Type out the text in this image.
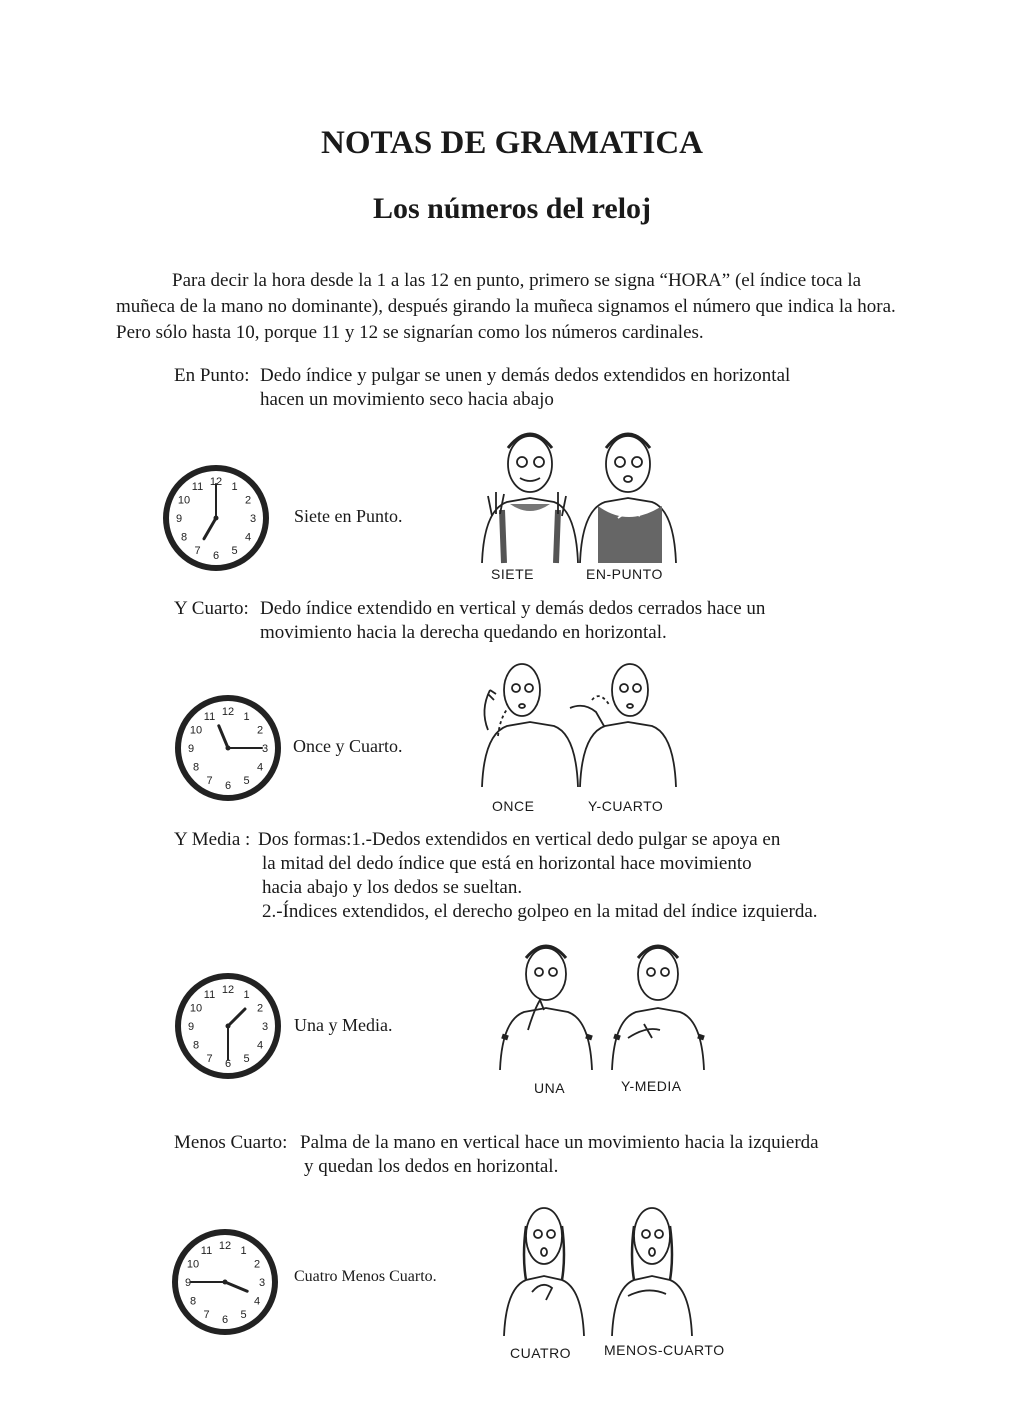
NOTAS DE GRAMATICA
Los números del reloj

Para decir la hora desde la 1 a las 12 en punto, primero se signa “HORA” (el índice toca la muñeca de la mano no dominante), después girando la muñeca signamos el número que indica la hora. Pero sólo hasta 10, porque 11 y 12 se signarían como los números cardinales.

En Punto: Dedo índice y pulgar se unen y demás dedos extendidos en horizontal
hacen un movimiento seco hacia abajo
12 1
2
3
4
5
6
7
8
9
10
11
Siete en Punto.
SIETE	EN-PUNTO
Y Cuarto: Dedo índice extendido en vertical y demás dedos cerrados hace un
movimiento hacia la derecha quedando en horizontal.
12 1
2
3
4
5
6
7
8
9
10
11
Once y Cuarto.
ONCE	Y-CUARTO
Y Media : Dos formas:1.-Dedos extendidos en vertical dedo pulgar se apoya en
la mitad del dedo índice que está en horizontal hace movimiento
hacia abajo y los dedos se sueltan.
2.-Índices extendidos, el derecho golpeo en la mitad del índice izquierda.
12 1
2
3
4
5
6
7
8
9
10
11
Una y Media.
UNA	Y-MEDIA
Menos Cuarto: Palma de la mano en vertical hace un movimiento hacia la izquierda
y quedan los dedos en horizontal.
12 1
2
3
4
5
6
7
8
9
10
11
Cuatro Menos Cuarto.
CUATRO MENOS-CUARTO
